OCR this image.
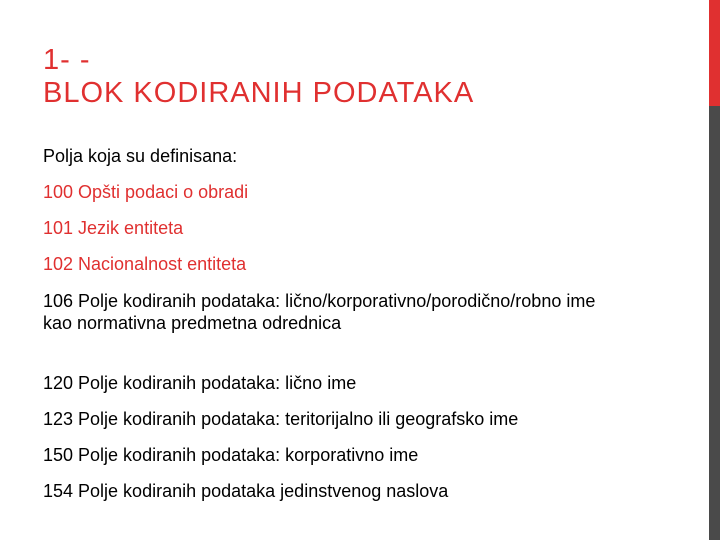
1- -
BLOK KODIRANIH PODATAKA

Polja koja su definisana:

100 Opšti podaci o obradi

101 Jezik entiteta

102 Nacionalnost entiteta

106 Polje kodiranih podataka: lično/korporativno/porodično/robno ime kao normativna predmetna odrednica

120 Polje kodiranih podataka: lično ime

123 Polje kodiranih podataka: teritorijalno ili geografsko ime

150 Polje kodiranih podataka: korporativno ime

154 Polje kodiranih podataka jedinstvenog naslova
